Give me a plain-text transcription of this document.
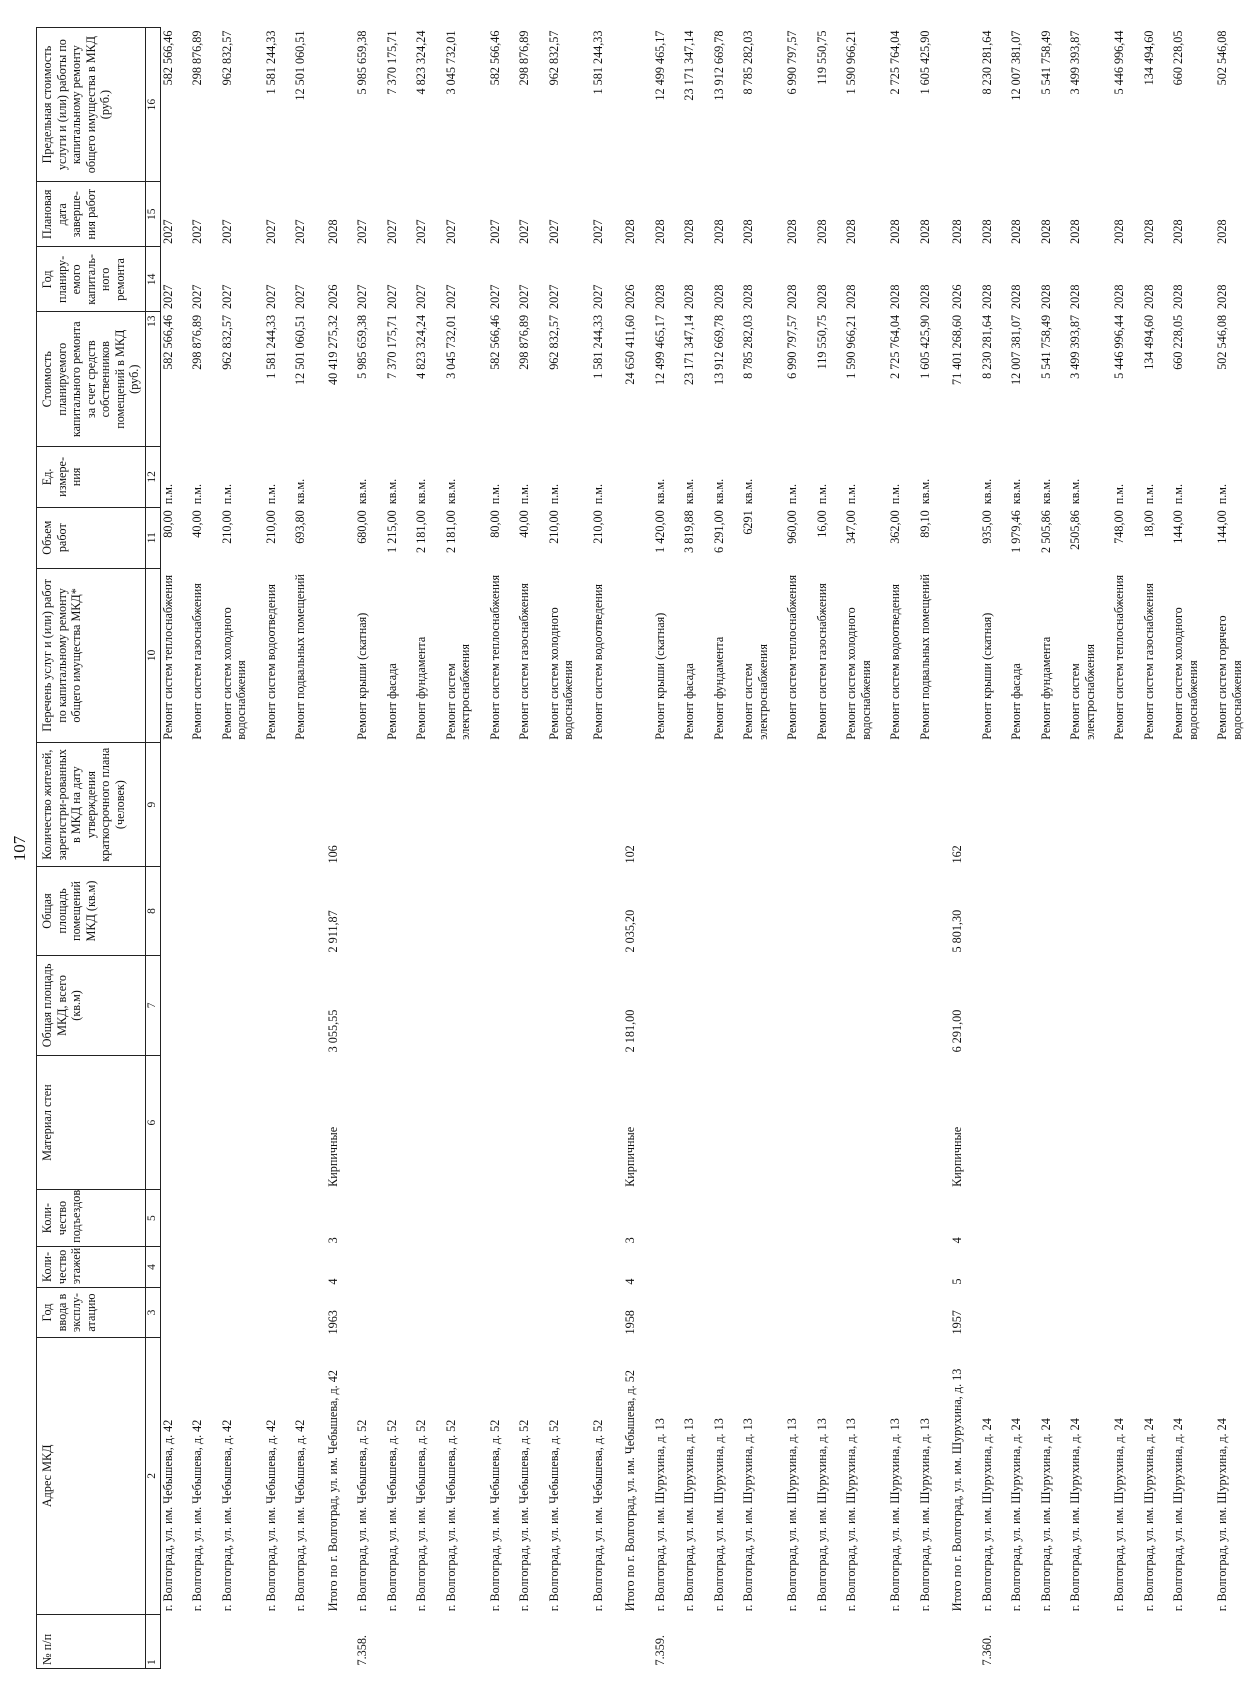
107
№ п/п	Адрес МКД	Год ввода в эксплу-атацию	Коли-чество этажей	Коли-чество подъездов	Материал стен	Общая площадь МКД, всего (кв.м)	Общая площадь помещений МКД (кв.м)	Количество жителей, зарегистри-рованных в МКД на дату утверждения краткосрочного плана (человек)	Перечень услуг и (или) работ по капитальному ремонту общего имущества МКД*	Объем работ	Ед. измере-ния	Стоимость планируемого капитального ремонта за счет средств собственников помещений в МКД (руб.)	Год планиру-емого капиталь-ного ремонта	Плановая дата заверше-ния работ	Предельная стоимость услуги и (или) работы по капитальному ремонту общего имущества в МКД (руб.)
1	2	3	4	5	6	7	8	9	10	11	12	13	14	15	16
	г. Волгоград, ул. им. Чебышева, д. 42								Ремонт систем теплоснабжения	80,00	п.м.	582 566,46	2027	2027	582 566,46
	г. Волгоград, ул. им. Чебышева, д. 42								Ремонт систем газоснабжения	40,00	п.м.	298 876,89	2027	2027	298 876,89
	г. Волгоград, ул. им. Чебышева, д. 42								Ремонт систем холодного водоснабжения	210,00	п.м.	962 832,57	2027	2027	962 832,57
	г. Волгоград, ул. им. Чебышева, д. 42								Ремонт систем водоотведения	210,00	п.м.	1 581 244,33	2027	2027	1 581 244,33
	г. Волгоград, ул. им. Чебышева, д. 42								Ремонт подвальных помещений	693,80	кв.м.	12 501 060,51	2027	2027	12 501 060,51
	Итого по г. Волгоград, ул. им. Чебышева, д. 42	1963	4	3	Кирпичные	3 055,55	2 911,87	106				40 419 275,32	2026	2028	
7.358.	г. Волгоград, ул. им. Чебышева, д. 52								Ремонт крыши (скатная)	680,00	кв.м.	5 985 659,38	2027	2027	5 985 659,38
	г. Волгоград, ул. им. Чебышева, д. 52								Ремонт фасада	1 215,00	кв.м.	7 370 175,71	2027	2027	7 370 175,71
	г. Волгоград, ул. им. Чебышева, д. 52								Ремонт фундамента	2 181,00	кв.м.	4 823 324,24	2027	2027	4 823 324,24
	г. Волгоград, ул. им. Чебышева, д. 52								Ремонт систем электроснабжения	2 181,00	кв.м.	3 045 732,01	2027	2027	3 045 732,01
	г. Волгоград, ул. им. Чебышева, д. 52								Ремонт систем теплоснабжения	80,00	п.м.	582 566,46	2027	2027	582 566,46
	г. Волгоград, ул. им. Чебышева, д. 52								Ремонт систем газоснабжения	40,00	п.м.	298 876,89	2027	2027	298 876,89
	г. Волгоград, ул. им. Чебышева, д. 52								Ремонт систем холодного водоснабжения	210,00	п.м.	962 832,57	2027	2027	962 832,57
	г. Волгоград, ул. им. Чебышева, д. 52								Ремонт систем водоотведения	210,00	п.м.	1 581 244,33	2027	2027	1 581 244,33
	Итого по г. Волгоград, ул. им. Чебышева, д. 52	1958	4	3	Кирпичные	2 181,00	2 035,20	102				24 650 411,60	2026	2028	
7.359.	г. Волгоград, ул. им. Шурухина, д. 13								Ремонт крыши (скатная)	1 420,00	кв.м.	12 499 465,17	2028	2028	12 499 465,17
	г. Волгоград, ул. им. Шурухина, д. 13								Ремонт фасада	3 819,88	кв.м.	23 171 347,14	2028	2028	23 171 347,14
	г. Волгоград, ул. им. Шурухина, д. 13								Ремонт фундамента	6 291,00	кв.м.	13 912 669,78	2028	2028	13 912 669,78
	г. Волгоград, ул. им. Шурухина, д. 13								Ремонт систем электроснабжения	6291	кв.м.	8 785 282,03	2028	2028	8 785 282,03
	г. Волгоград, ул. им. Шурухина, д. 13								Ремонт систем теплоснабжения	960,00	п.м.	6 990 797,57	2028	2028	6 990 797,57
	г. Волгоград, ул. им. Шурухина, д. 13								Ремонт систем газоснабжения	16,00	п.м.	119 550,75	2028	2028	119 550,75
	г. Волгоград, ул. им. Шурухина, д. 13								Ремонт систем холодного водоснабжения	347,00	п.м.	1 590 966,21	2028	2028	1 590 966,21
	г. Волгоград, ул. им. Шурухина, д. 13								Ремонт систем водоотведения	362,00	п.м.	2 725 764,04	2028	2028	2 725 764,04
	г. Волгоград, ул. им. Шурухина, д. 13								Ремонт подвальных помещений	89,10	кв.м.	1 605 425,90	2028	2028	1 605 425,90
	Итого по г. Волгоград, ул. им. Шурухина, д. 13	1957	5	4	Кирпичные	6 291,00	5 801,30	162				71 401 268,60	2026	2028	
7.360.	г. Волгоград, ул. им. Шурухина, д. 24								Ремонт крыши (скатная)	935,00	кв.м.	8 230 281,64	2028	2028	8 230 281,64
	г. Волгоград, ул. им. Шурухина, д. 24								Ремонт фасада	1 979,46	кв.м.	12 007 381,07	2028	2028	12 007 381,07
	г. Волгоград, ул. им. Шурухина, д. 24								Ремонт фундамента	2 505,86	кв.м.	5 541 758,49	2028	2028	5 541 758,49
	г. Волгоград, ул. им. Шурухина, д. 24								Ремонт систем электроснабжения	2505,86	кв.м.	3 499 393,87	2028	2028	3 499 393,87
	г. Волгоград, ул. им. Шурухина, д. 24								Ремонт систем теплоснабжения	748,00	п.м.	5 446 996,44	2028	2028	5 446 996,44
	г. Волгоград, ул. им. Шурухина, д. 24								Ремонт систем газоснабжения	18,00	п.м.	134 494,60	2028	2028	134 494,60
	г. Волгоград, ул. им. Шурухина, д. 24								Ремонт систем холодного водоснабжения	144,00	п.м.	660 228,05	2028	2028	660 228,05
	г. Волгоград, ул. им. Шурухина, д. 24								Ремонт систем горячего водоснабжения	144,00	п.м.	502 546,08	2028	2028	502 546,08
